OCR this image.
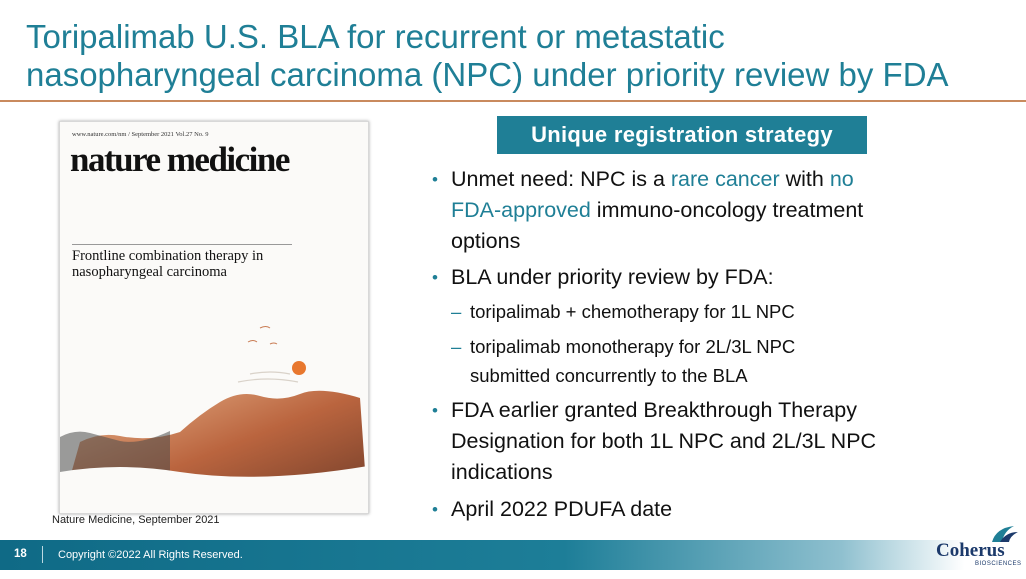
Toripalimab U.S. BLA for recurrent or metastatic
nasopharyngeal carcinoma (NPC) under priority review by FDA
www.nature.com/nm / September 2021 Vol.27 No. 9
nature medicine
Frontline combination therapy in
nasopharyngeal carcinoma
Nature Medicine, September 2021
Unique registration strategy
• Unmet need: NPC is a rare cancer with no
FDA-approved immuno-oncology treatment
options
• BLA under priority review by FDA:
– toripalimab + chemotherapy for 1L NPC
– toripalimab monotherapy for 2L/3L NPC
submitted concurrently to the BLA
• FDA earlier granted Breakthrough Therapy
Designation for both 1L NPC and 2L/3L NPC
indications
• April 2022 PDUFA date
18	Copyright ©2022 All Rights Reserved.	Coherus
BIOSCIENCES
